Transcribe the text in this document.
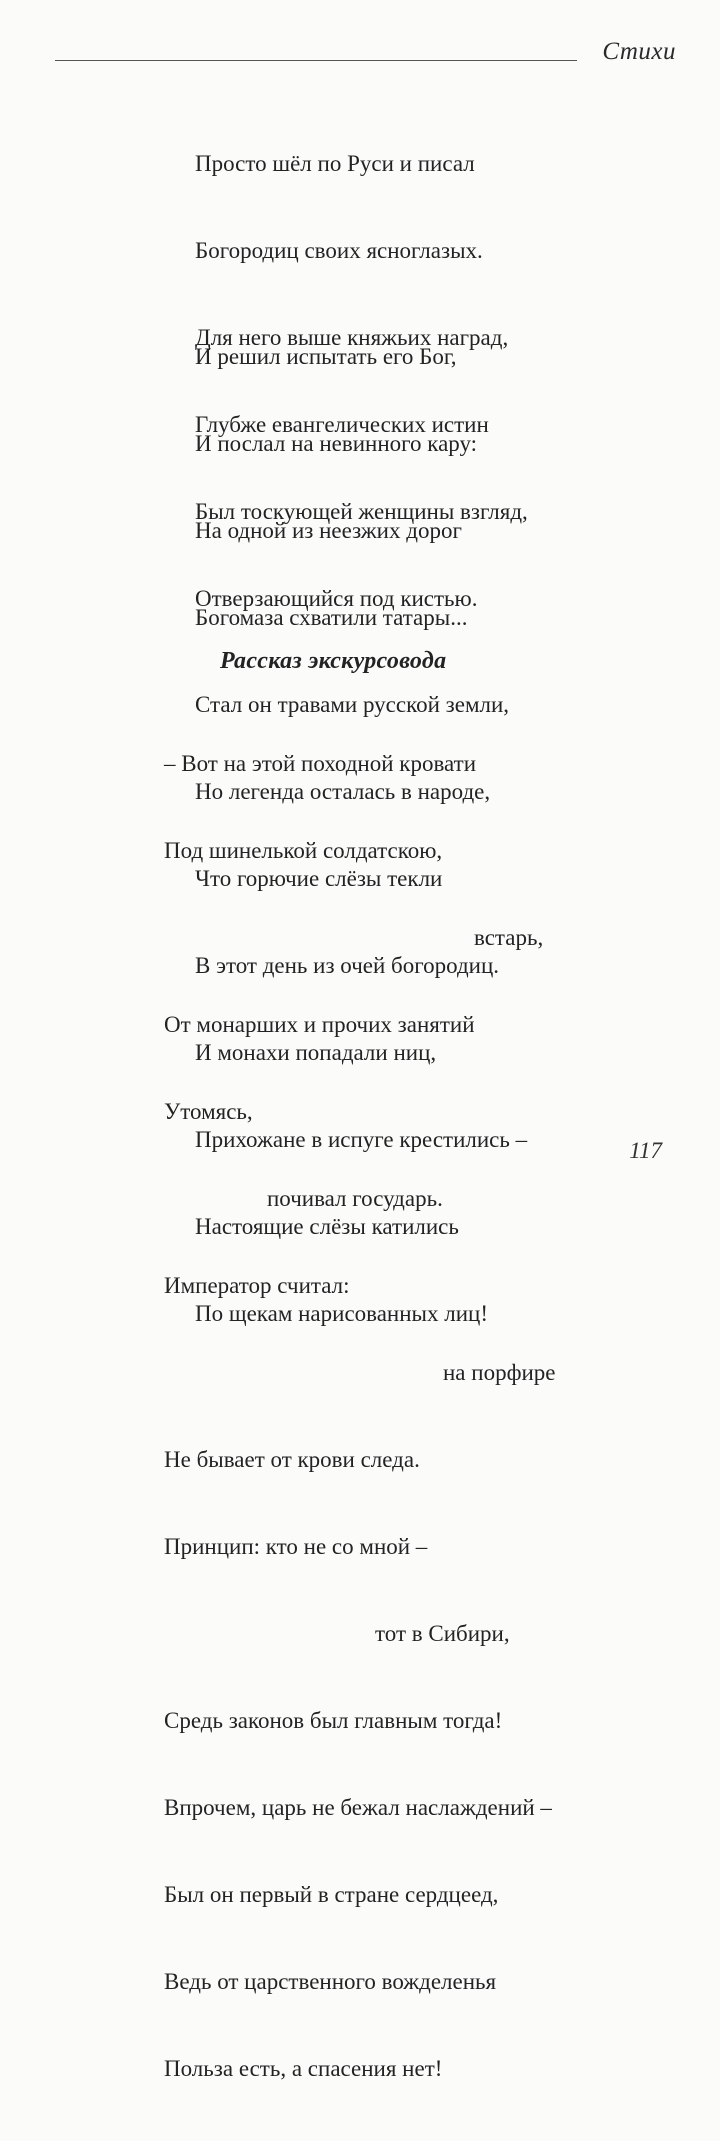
Стихи

Просто шёл по Руси и писал

Богородиц своих ясноглазых.

Для него выше княжьих наград,

Глубже евангелических истин

Был тоскующей женщины взгляд,

Отверзающийся под кистью.

И решил испытать его Бог,

И послал на невинного кару:

На одной из неезжих дорог

Богомаза схватили татары...

Стал он травами русской земли,

Но легенда осталась в народе,

Что горючие слёзы текли

В этот день из очей богородиц.

И монахи попадали ниц,

Прихожане в испуге крестились –

Настоящие слёзы катились

По щекам нарисованных лиц!

Рассказ экскурсовода

– Вот на этой походной кровати

Под шинелькой солдатскою,

встарь,

От монарших и прочих занятий

Утомясь,

почивал государь.

Император считал:

на порфире

Не бывает от крови следа.

Принцип: кто не со мной –

тот в Сибири,

Средь законов был главным тогда!

Впрочем, царь не бежал наслаждений –

Был он первый в стране сердцеед,

Ведь от царственного вожделенья

Польза есть, а спасения нет!

117
